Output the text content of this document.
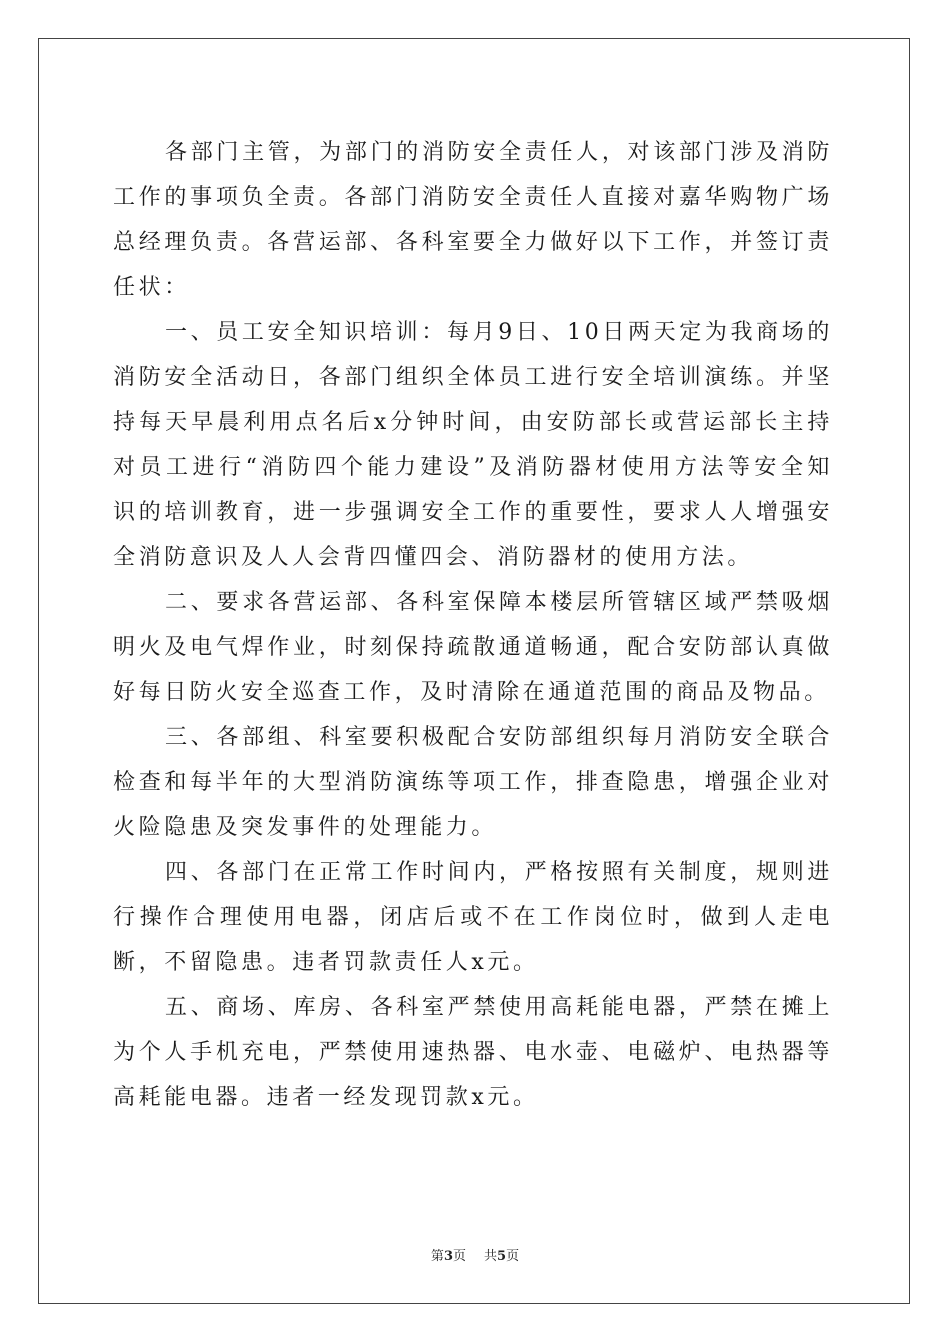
各部门主管，为部门的消防安全责任人，对该部门涉及消防工作的事项负全责。各部门消防安全责任人直接对嘉华购物广场总经理负责。各营运部、各科室要全力做好以下工作，并签订责任状：

一、员工安全知识培训：每月9日、10日两天定为我商场的消防安全活动日，各部门组织全体员工进行安全培训演练。并坚持每天早晨利用点名后x分钟时间，由安防部长或营运部长主持对员工进行“消防四个能力建设”及消防器材使用方法等安全知识的培训教育，进一步强调安全工作的重要性，要求人人增强安全消防意识及人人会背四懂四会、消防器材的使用方法。

二、要求各营运部、各科室保障本楼层所管辖区域严禁吸烟明火及电气焊作业，时刻保持疏散通道畅通，配合安防部认真做好每日防火安全巡查工作，及时清除在通道范围的商品及物品。

三、各部组、科室要积极配合安防部组织每月消防安全联合检查和每半年的大型消防演练等项工作，排查隐患，增强企业对火险隐患及突发事件的处理能力。

四、各部门在正常工作时间内，严格按照有关制度，规则进行操作合理使用电器，闭店后或不在工作岗位时，做到人走电断，不留隐患。违者罚款责任人x元。

五、商场、库房、各科室严禁使用高耗能电器，严禁在摊上为个人手机充电，严禁使用速热器、电水壶、电磁炉、电热器等高耗能电器。违者一经发现罚款x元。

第3页 共5页
